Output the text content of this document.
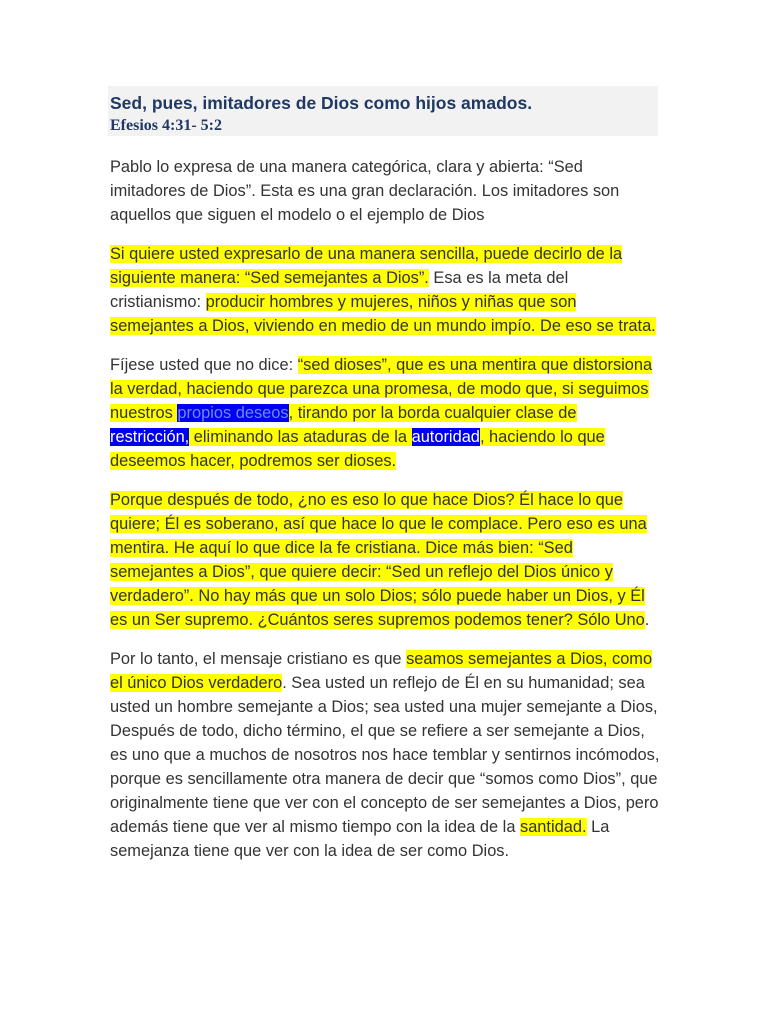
Sed, pues, imitadores de Dios como hijos amados.
Efesios 4:31- 5:2

Pablo lo expresa de una manera categórica, clara y abierta: “Sed imitadores de Dios”. Esta es una gran declaración. Los imitadores son aquellos que siguen el modelo o el ejemplo de Dios

Si quiere usted expresarlo de una manera sencilla, puede decirlo de la siguiente manera: “Sed semejantes a Dios”. Esa es la meta del cristianismo: producir hombres y mujeres, niños y niñas que son semejantes a Dios, viviendo en medio de un mundo impío. De eso se trata.

Fíjese usted que no dice: “sed dioses”, que es una mentira que distorsiona la verdad, haciendo que parezca una promesa, de modo que, si seguimos nuestros propios deseos, tirando por la borda cualquier clase de restricción, eliminando las ataduras de la autoridad, haciendo lo que deseemos hacer, podremos ser dioses.

Porque después de todo, ¿no es eso lo que hace Dios? Él hace lo que quiere; Él es soberano, así que hace lo que le complace. Pero eso es una mentira. He aquí lo que dice la fe cristiana. Dice más bien: “Sed semejantes a Dios”, que quiere decir: “Sed un reflejo del Dios único y verdadero”. No hay más que un solo Dios; sólo puede haber un Dios, y Él es un Ser supremo. ¿Cuántos seres supremos podemos tener? Sólo Uno.

Por lo tanto, el mensaje cristiano es que seamos semejantes a Dios, como el único Dios verdadero. Sea usted un reflejo de Él en su humanidad; sea usted un hombre semejante a Dios; sea usted una mujer semejante a Dios, Después de todo, dicho término, el que se refiere a ser semejante a Dios, es uno que a muchos de nosotros nos hace temblar y sentirnos incómodos, porque es sencillamente otra manera de decir que “somos como Dios”, que originalmente tiene que ver con el concepto de ser semejantes a Dios, pero además tiene que ver al mismo tiempo con la idea de la santidad. La semejanza tiene que ver con la idea de ser como Dios.
